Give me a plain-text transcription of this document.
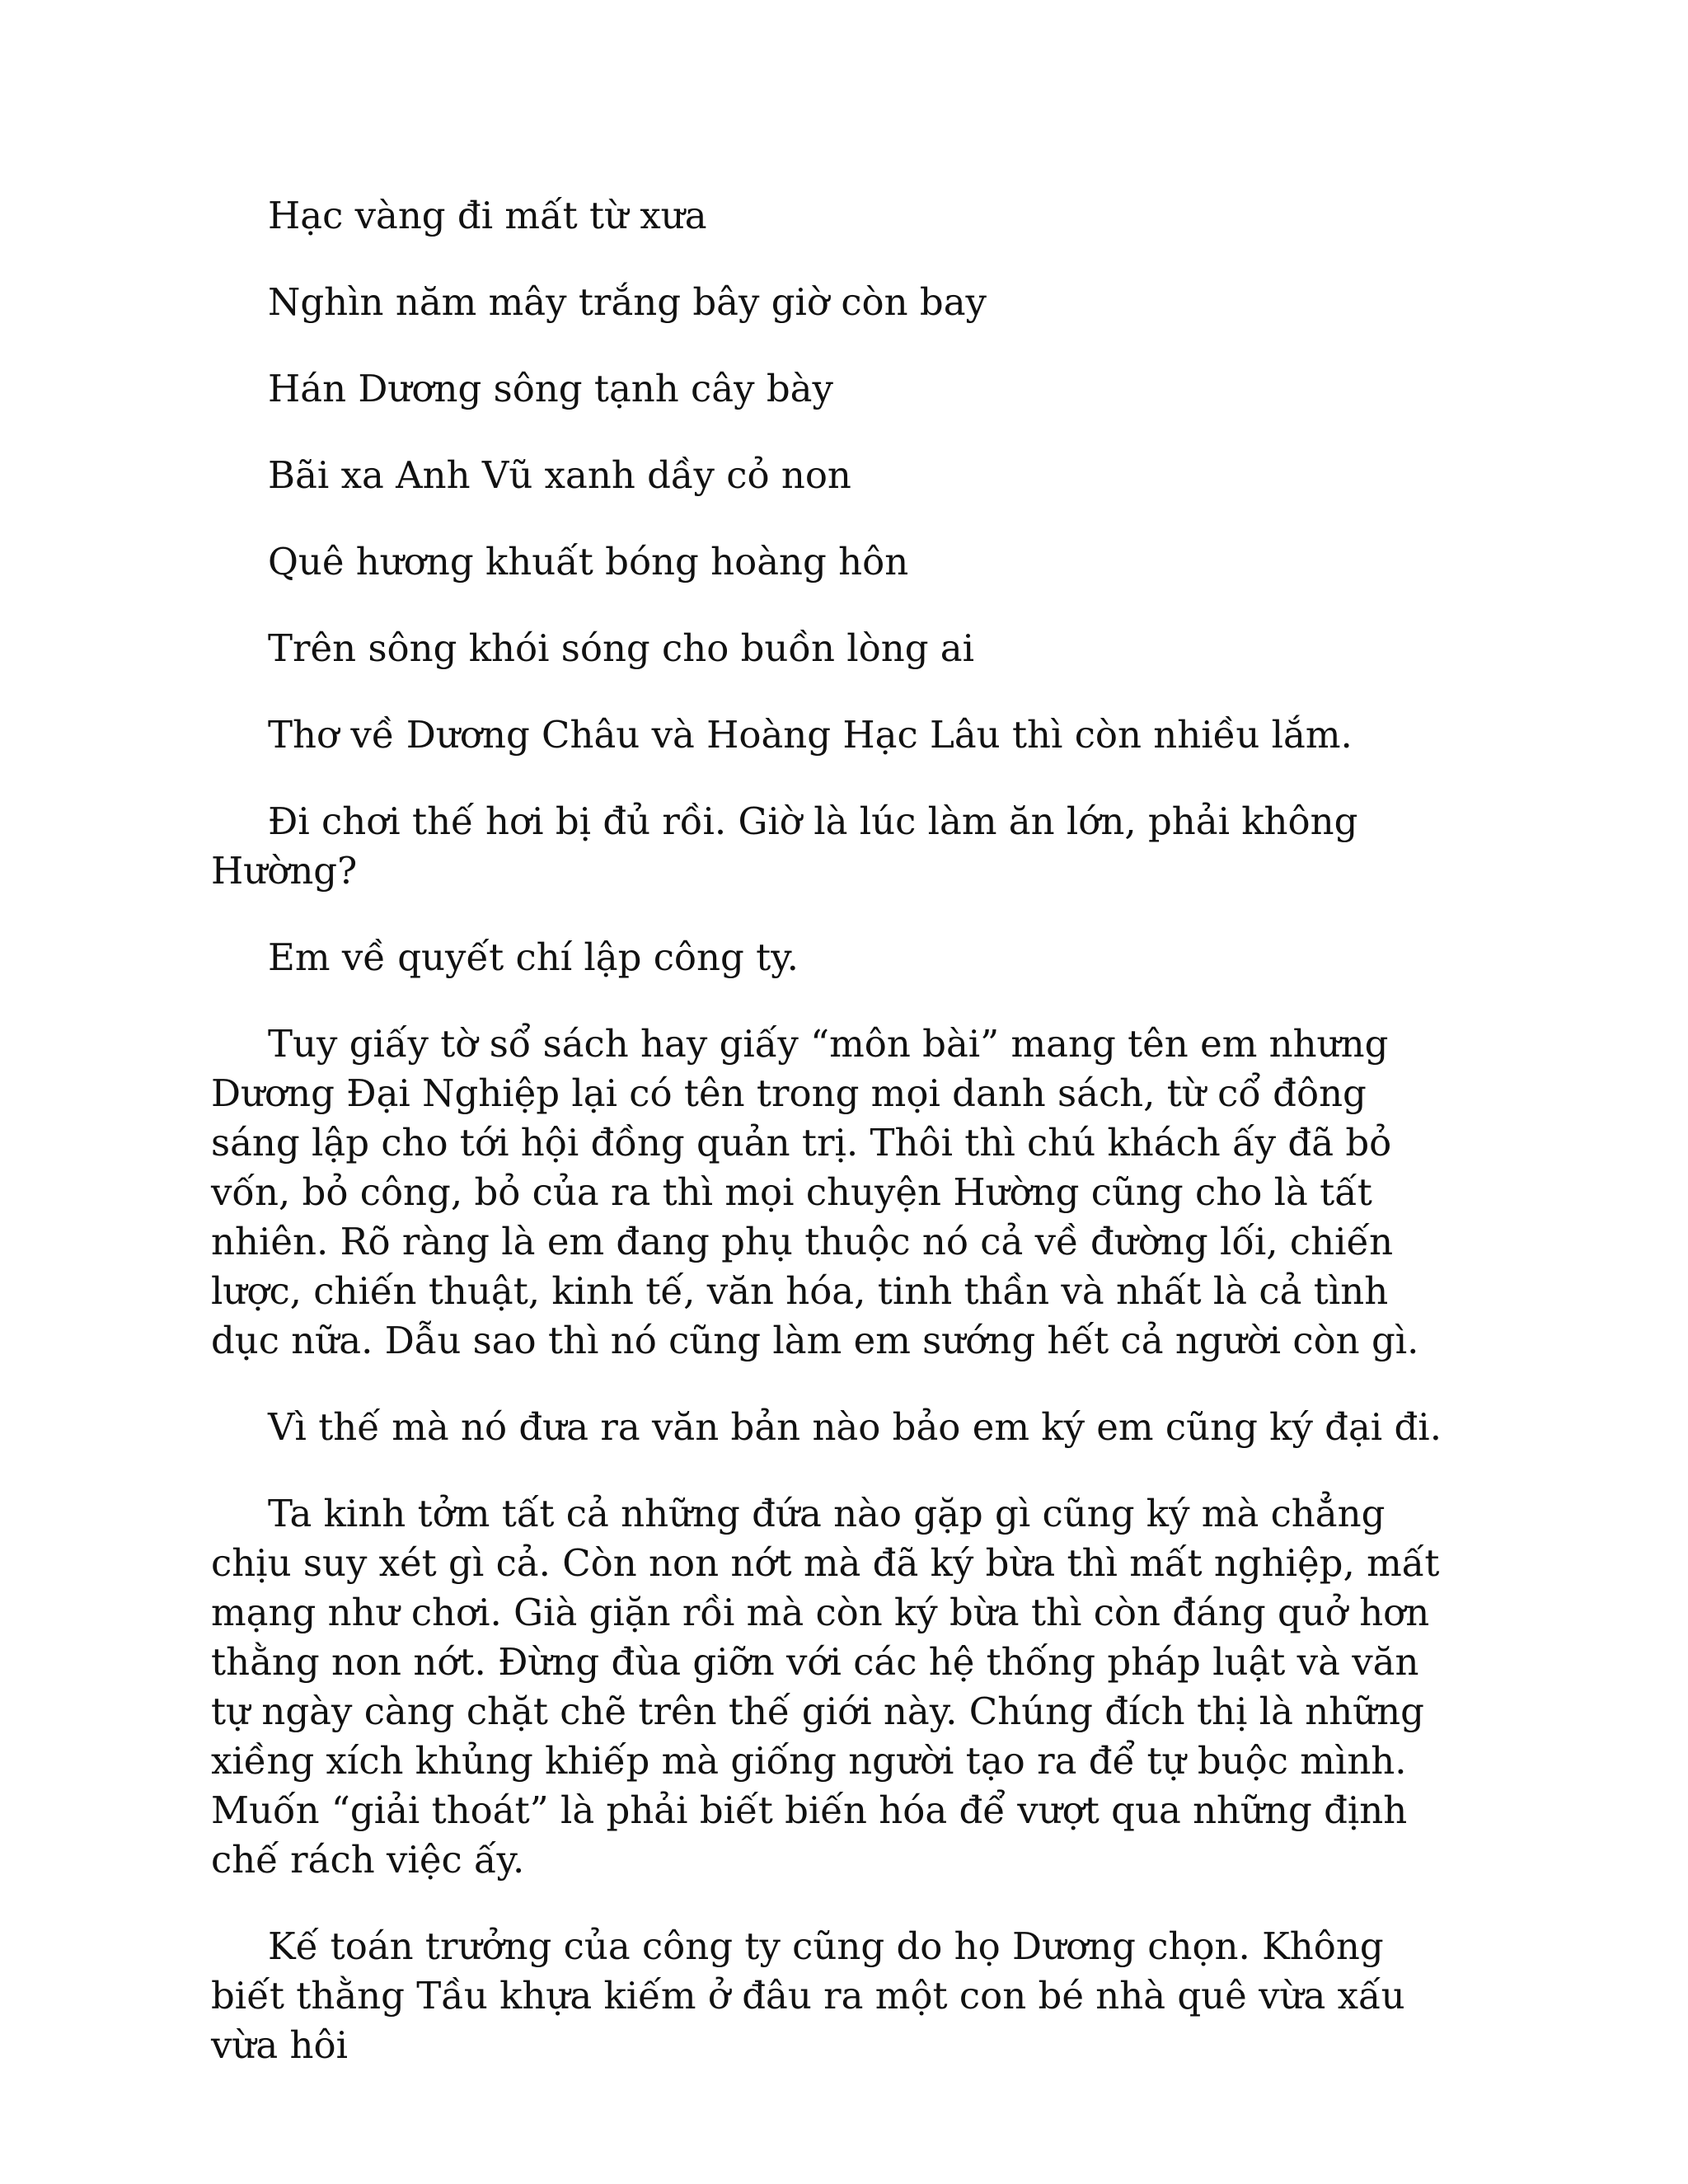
Hạc vàng đi mất từ xưa

Nghìn năm mây trắng bây giờ còn bay

Hán Dương sông tạnh cây bày

Bãi xa Anh Vũ xanh dầy cỏ non

Quê hương khuất bóng hoàng hôn

Trên sông khói sóng cho buồn lòng ai

Thơ về Dương Châu và Hoàng Hạc Lâu thì còn nhiều lắm.

Đi chơi thế hơi bị đủ rồi. Giờ là lúc làm ăn lớn, phải không Hường?

Em về quyết chí lập công ty.

Tuy giấy tờ sổ sách hay giấy “môn bài” mang tên em nhưng Dương Đại Nghiệp lại có tên trong mọi danh sách, từ cổ đông sáng lập cho tới hội đồng quản trị. Thôi thì chú khách ấy đã bỏ vốn, bỏ công, bỏ của ra thì mọi chuyện Hường cũng cho là tất nhiên. Rõ ràng là em đang phụ thuộc nó cả về đường lối, chiến lược, chiến thuật, kinh tế, văn hóa, tinh thần và nhất là cả tình dục nữa. Dẫu sao thì nó cũng làm em sướng hết cả người còn gì.

Vì thế mà nó đưa ra văn bản nào bảo em ký em cũng ký đại đi.

Ta kinh tởm tất cả những đứa nào gặp gì cũng ký mà chẳng chịu suy xét gì cả. Còn non nớt mà đã ký bừa thì mất nghiệp, mất mạng như chơi. Già giặn rồi mà còn ký bừa thì còn đáng quở hơn thằng non nớt. Đừng đùa giỡn với các hệ thống pháp luật và văn tự ngày càng chặt chẽ trên thế giới này. Chúng đích thị là những xiềng xích khủng khiếp mà giống người tạo ra để tự buộc mình. Muốn “giải thoát” là phải biết biến hóa để vượt qua những định chế rách việc ấy.

Kế toán trưởng của công ty cũng do họ Dương chọn. Không biết thằng Tầu khựa kiếm ở đâu ra một con bé nhà quê vừa xấu vừa hôi
